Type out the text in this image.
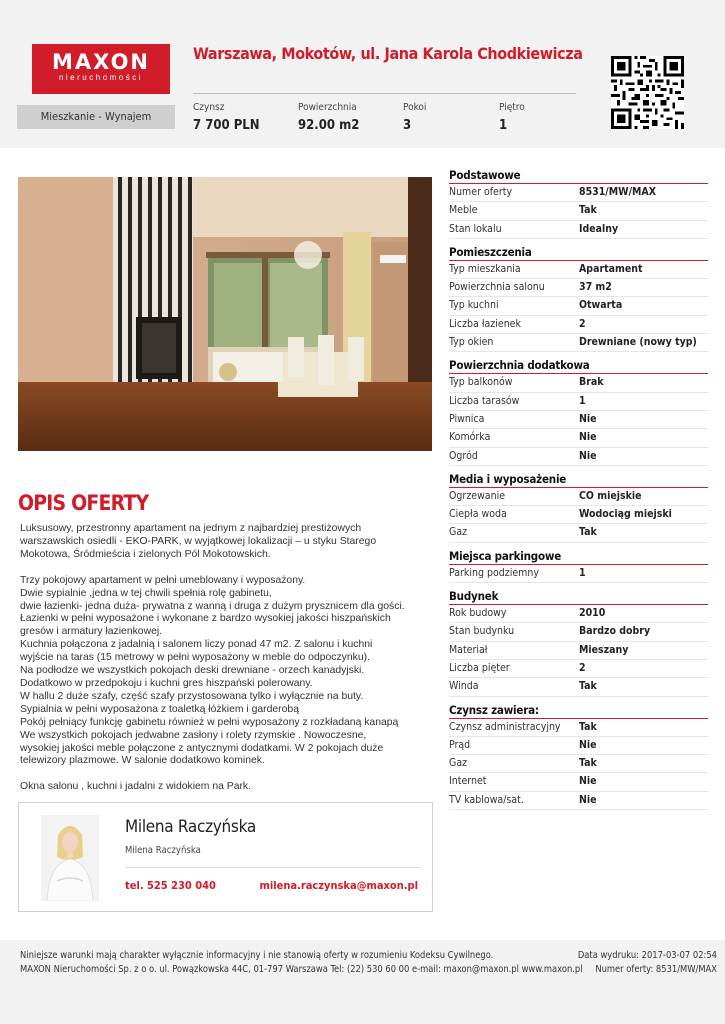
MAXON
nieruchomości
Mieszkanie - Wynajem
Warszawa, Mokotów, ul. Jana Karola Chodkiewicza
Czynsz
7 700 PLN
Powierzchnia
92.00 m2
Pokoi
3
Piętro
1
OPIS OFERTY

Luksusowy, przestronny apartament na jednym z najbardziej prestiżowych

warszawskich osiedli - EKO-PARK, w wyjątkowej lokalizacji – u styku Starego

Mokotowa, Śródmieścia i zielonych Pól Mokotowskich.

Trzy pokojowy apartament w pełni umeblowany i wyposażony.

Dwie sypialnie ,jedna w tej chwili spełnia rolę gabinetu,

dwie łazienki- jedna duża- prywatna z wanną i druga z dużym prysznicem dla gości.

Łazienki w pełni wyposażone i wykonane z bardzo wysokiej jakości hiszpańskich

gresów i armatury łazienkowej.

Kuchnia połączona z jadalnią i salonem liczy ponad 47 m2. Z salonu i kuchni

wyjście na taras (15 metrowy w pełni wyposażony w meble do odpoczynku).

Na podłodze we wszystkich pokojach deski drewniane - orzech kanadyjski.

Dodatkowo w przedpokoju i kuchni gres hiszpański polerowany.

W hallu 2 duże szafy, część szafy przystosowana tylko i wyłącznie na buty.

Sypialnia w pełni wyposażona z toaletką łóżkiem i garderobą

Pokój pełniący funkcję gabinetu również w pełni wyposażony z rozkładaną kanapą

We wszystkich pokojach jedwabne zasłony i rolety rzymskie . Nowoczesne,

wysokiej jakości meble połączone z antycznymi dodatkami. W 2 pokojach duże

telewizory plazmowe. W salonie dodatkowo kominek.

Okna salonu , kuchni i jadalni z widokiem na Park.

Milena Raczyńska
Milena Raczyńska
tel. 525 230 040	milena.raczynska@maxon.pl
Podstawowe
Numer oferty	8531/MW/MAX
Meble	Tak
Stan lokalu	Idealny
Pomieszczenia
Typ mieszkania	Apartament
Powierzchnia salonu	37 m2
Typ kuchni	Otwarta
Liczba łazienek	2
Typ okien	Drewniane (nowy typ)
Powierzchnia dodatkowa
Typ balkonów	Brak
Liczba tarasów	1
Piwnica	Nie
Komórka	Nie
Ogród	Nie
Media i wyposażenie
Ogrzewanie	CO miejskie
Ciepła woda	Wodociąg miejski
Gaz	Tak
Miejsca parkingowe
Parking podziemny	1
Budynek
Rok budowy	2010
Stan budynku	Bardzo dobry
Materiał	Mieszany
Liczba pięter	2
Winda	Tak
Czynsz zawiera:
Czynsz administracyjny Tak
Prąd	Nie
Gaz	Tak
Internet	Nie
TV kablowa/sat.	Nie
Niniejsze warunki mają charakter wyłącznie informacyjny i nie stanowią oferty w rozumieniu Kodeksu Cywilnego.
MAXON Nieruchomości Sp. z o o. ul. Powązkowska 44C, 01-797 Warszawa Tel: (22) 530 60 00 e-mail: maxon@maxon.pl www.maxon.pl
Data wydruku: 2017-03-07 02:54
Numer oferty: 8531/MW/MAX
